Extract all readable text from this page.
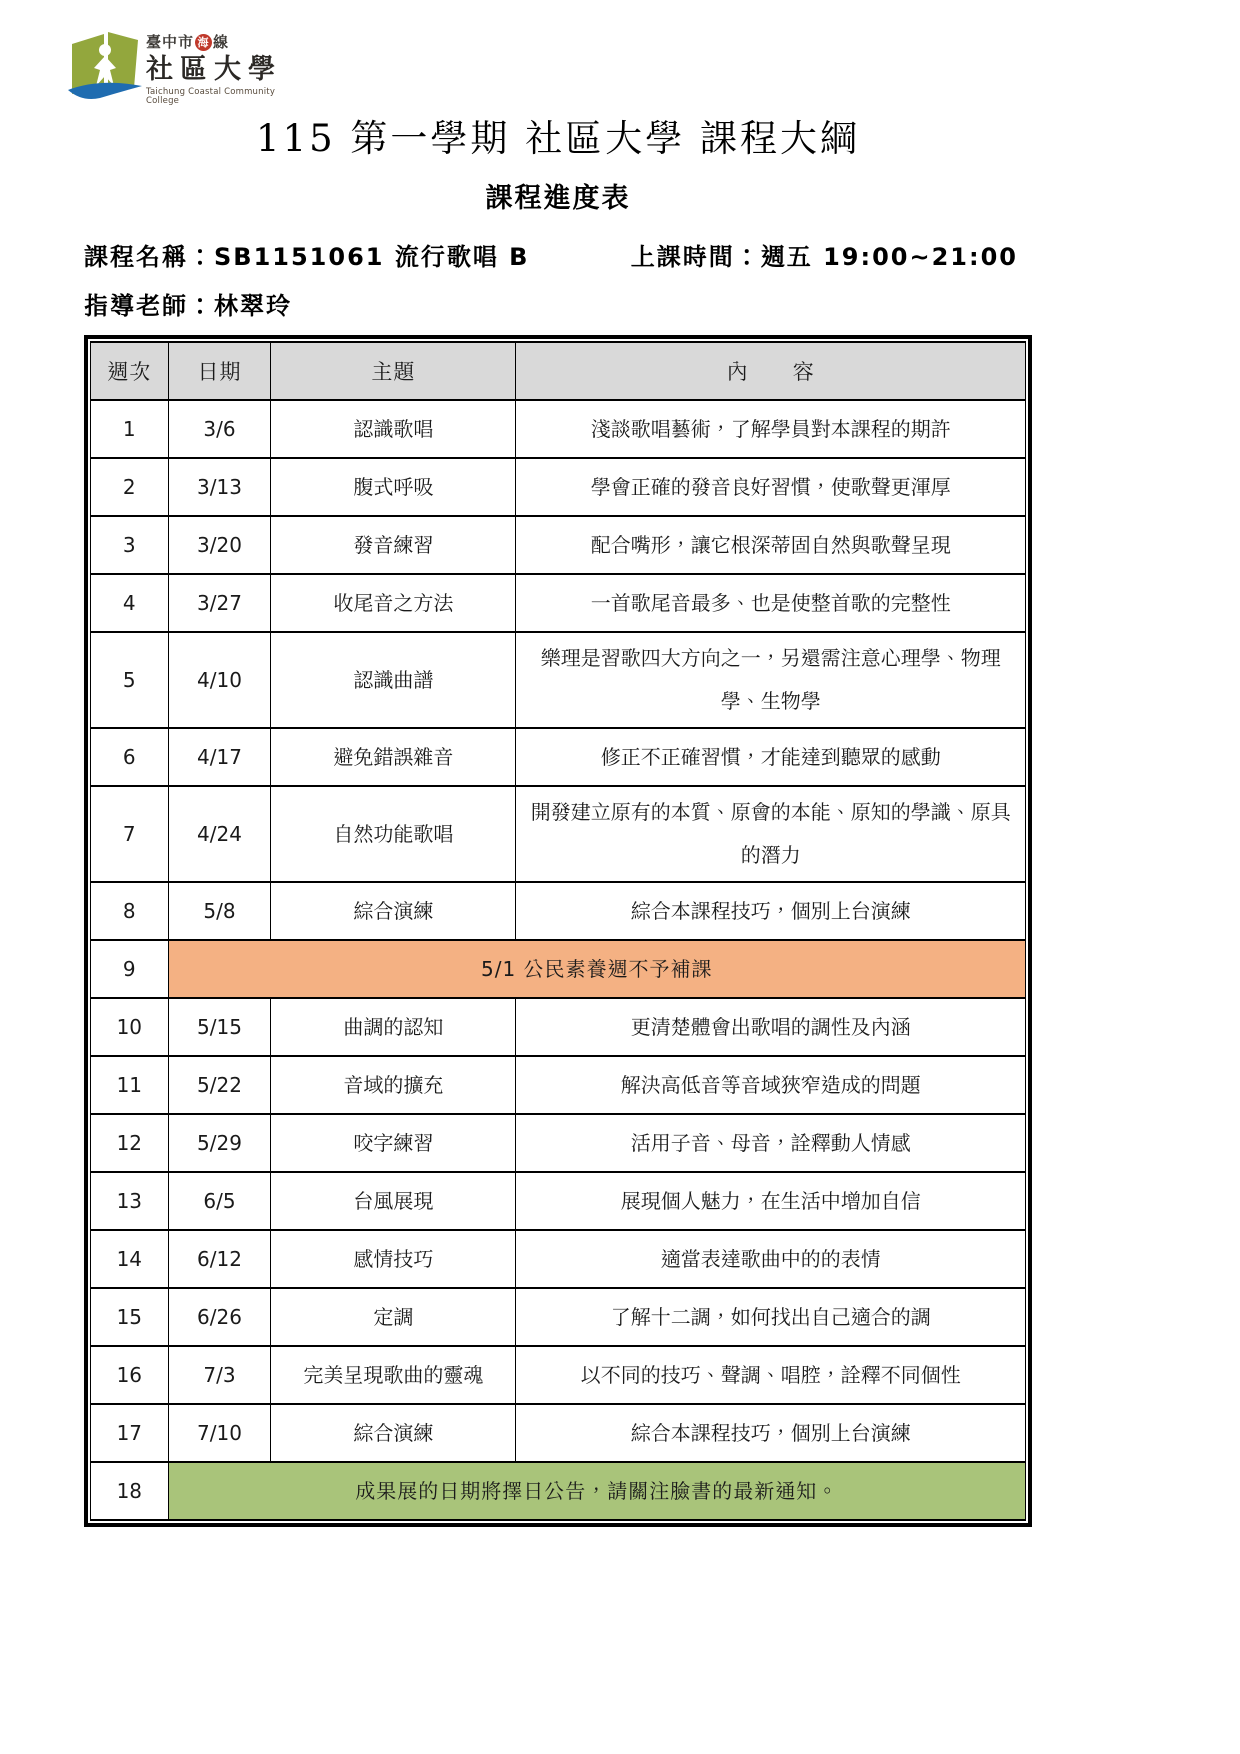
臺中市 海 線
社區大學
Taichung Coastal Community College
115 第一學期 社區大學 課程大綱
課程進度表
課程名稱：SB1151061 流行歌唱 B	上課時間：週五 19:00~21:00
指導老師：林翠玲
週次	日期	主題	內　　容
1	3/6	認識歌唱	淺談歌唱藝術，了解學員對本課程的期許
2	3/13	腹式呼吸	學會正確的發音良好習慣，使歌聲更渾厚
3	3/20	發音練習	配合嘴形，讓它根深蒂固自然與歌聲呈現
4	3/27	收尾音之方法	一首歌尾音最多、也是使整首歌的完整性
5	4/10	認識曲譜	樂理是習歌四大方向之一，另還需注意心理學、物理學、生物學
6	4/17	避免錯誤雜音	修正不正確習慣，才能達到聽眾的感動
7	4/24	自然功能歌唱	開發建立原有的本質、原會的本能、原知的學識、原具的潛力
8	5/8	綜合演練	綜合本課程技巧，個別上台演練
9	5/1 公民素養週不予補課		
10	5/15	曲調的認知	更清楚體會出歌唱的調性及內涵
11	5/22	音域的擴充	解決高低音等音域狹窄造成的問題
12	5/29	咬字練習	活用子音、母音，詮釋動人情感
13	6/5	台風展現	展現個人魅力，在生活中增加自信
14	6/12	感情技巧	適當表達歌曲中的的表情
15	6/26	定調	了解十二調，如何找出自己適合的調
16	7/3	完美呈現歌曲的靈魂	以不同的技巧、聲調、唱腔，詮釋不同個性
17	7/10	綜合演練	綜合本課程技巧，個別上台演練
18	成果展的日期將擇日公告，請關注臉書的最新通知。		
